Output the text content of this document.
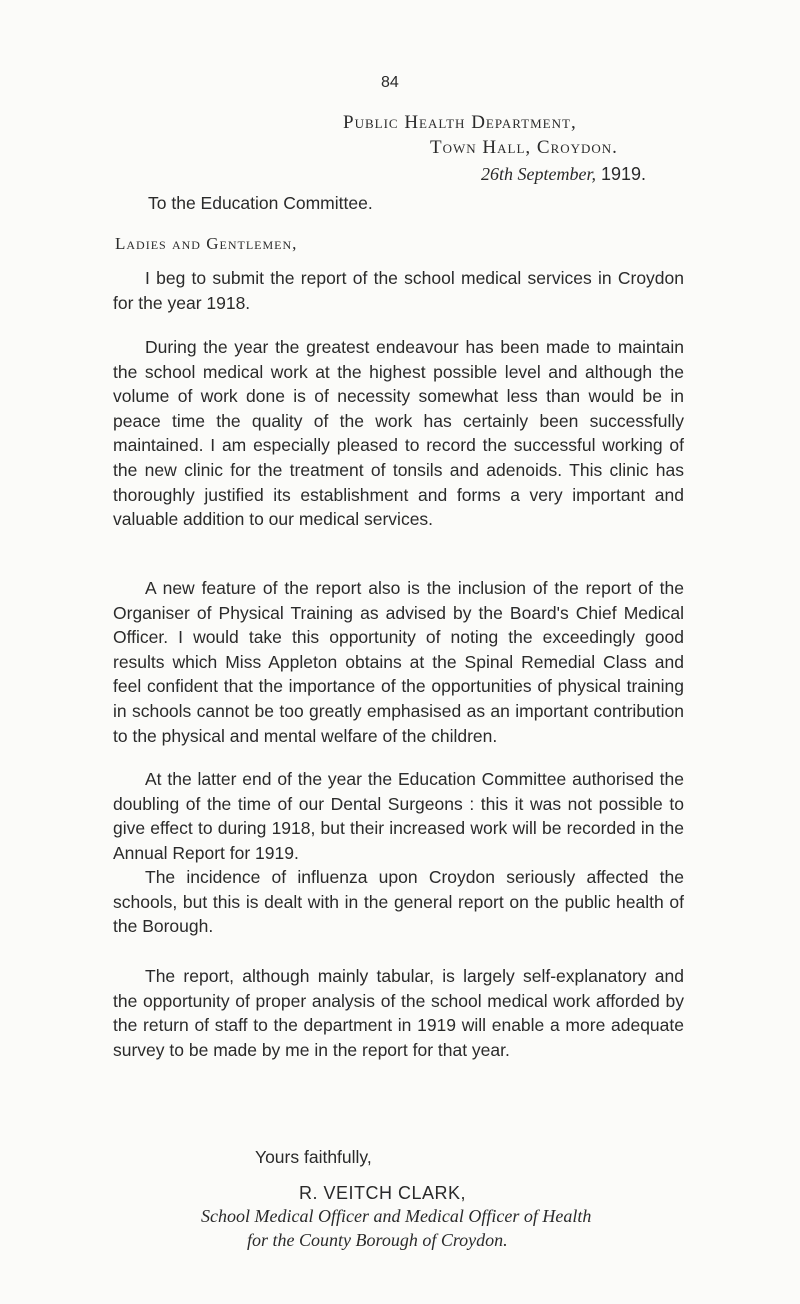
84
Public Health Department,
Town Hall, Croydon.
26th September, 1919.
To the Education Committee.
Ladies and Gentlemen,

I beg to submit the report of the school medical services in Croydon for the year 1918.

During the year the greatest endeavour has been made to maintain the school medical work at the highest possible level and although the volume of work done is of necessity somewhat less than would be in peace time the quality of the work has certainly been successfully maintained. I am especially pleased to record the successful working of the new clinic for the treatment of tonsils and adenoids. This clinic has thoroughly justified its establishment and forms a very important and valuable addition to our medical services.

A new feature of the report also is the inclusion of the report of the Organiser of Physical Training as advised by the Board's Chief Medical Officer. I would take this opportunity of noting the exceedingly good results which Miss Appleton obtains at the Spinal Remedial Class and feel confident that the importance of the opportunities of physical training in schools cannot be too greatly emphasised as an important contribution to the physical and mental welfare of the children.

At the latter end of the year the Education Committee authorised the doubling of the time of our Dental Surgeons : this it was not possible to give effect to during 1918, but their increased work will be recorded in the Annual Report for 1919.

The incidence of influenza upon Croydon seriously affected the schools, but this is dealt with in the general report on the public health of the Borough.

The report, although mainly tabular, is largely self-explanatory and the opportunity of proper analysis of the school medical work afforded by the return of staff to the department in 1919 will enable a more adequate survey to be made by me in the report for that year.

Yours faithfully,
R. VEITCH CLARK,
School Medical Officer and Medical Officer of Health
for the County Borough of Croydon.
